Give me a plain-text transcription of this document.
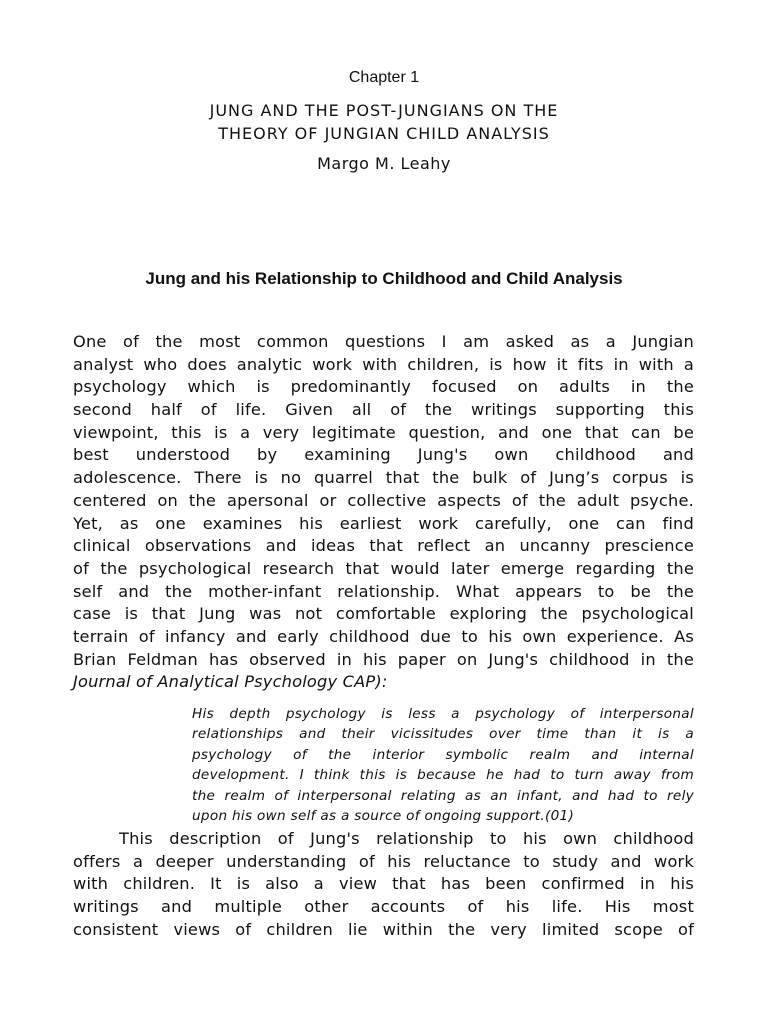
Chapter 1
JUNG AND THE POST-JUNGIANS ON THE
THEORY OF JUNGIAN CHILD ANALYSIS
Margo M. Leahy
Jung and his Relationship to Childhood and Child Analysis
One of the most common questions I am asked as a Jungian
analyst who does analytic work with children, is how it fits in with a
psychology which is predominantly focused on adults in the
second half of life. Given all of the writings supporting this
viewpoint, this is a very legitimate question, and one that can be
best understood by examining Jung's own childhood and
adolescence. There is no quarrel that the bulk of Jung’s corpus is
centered on the apersonal or collective aspects of the adult psyche.
Yet, as one examines his earliest work carefully, one can find
clinical observations and ideas that reflect an uncanny prescience
of the psychological research that would later emerge regarding the
self and the mother-infant relationship. What appears to be the
case is that Jung was not comfortable exploring the psychological
terrain of infancy and early childhood due to his own experience. As
Brian Feldman has observed in his paper on Jung's childhood in the
Journal of Analytical Psychology CAP):
His depth psychology is less a psychology of interpersonal
relationships and their vicissitudes over time than it is a
psychology of the interior symbolic realm and internal
development. I think this is because he had to turn away from
the realm of interpersonal relating as an infant, and had to rely
upon his own self as a source of ongoing support.(01)
This description of Jung's relationship to his own childhood
offers a deeper understanding of his reluctance to study and work
with children. It is also a view that has been confirmed in his
writings and multiple other accounts of his life. His most
consistent views of children lie within the very limited scope of
